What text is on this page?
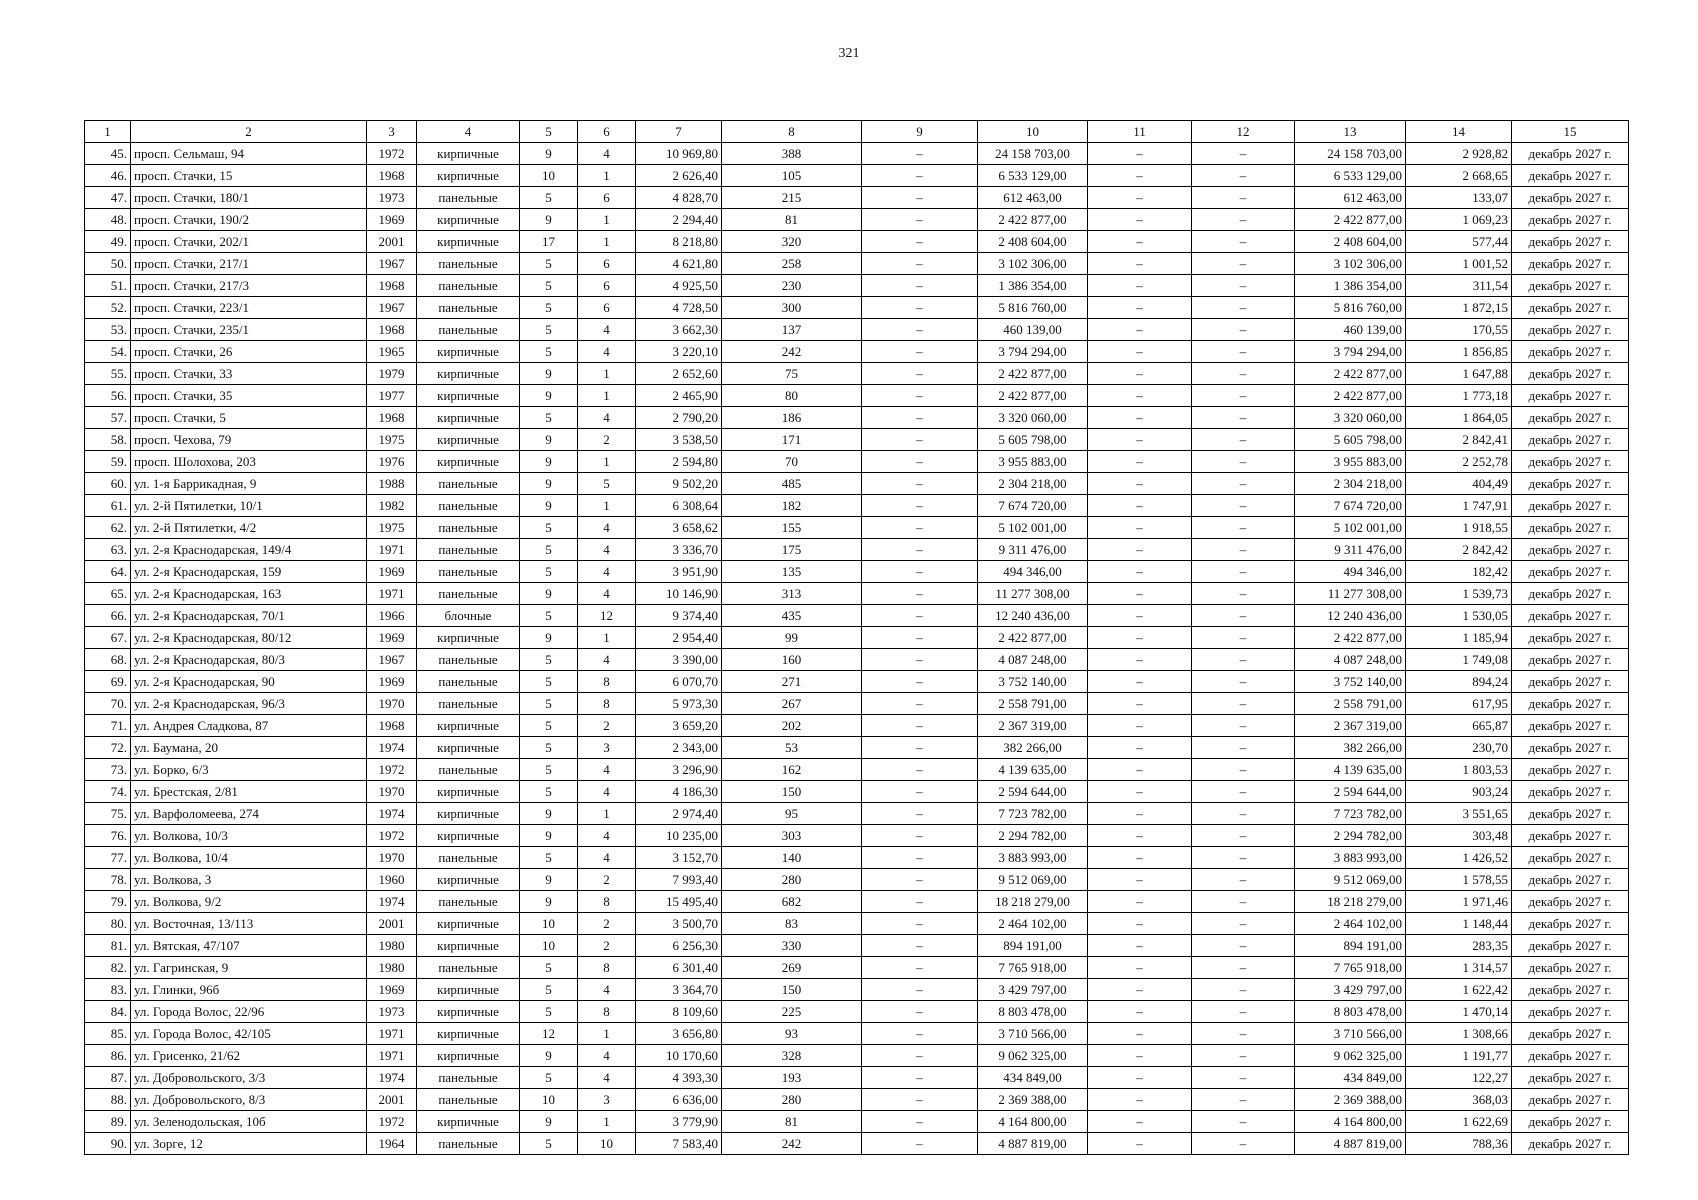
321
1	2	3	4	5	6	7	8	9	10	11	12	13	14	15
45.	просп. Сельмаш, 94	1972	кирпичные	9	4	10 969,80	388	–	24 158 703,00	–	–	24 158 703,00	2 928,82	декабрь 2027 г.
46.	просп. Стачки, 15	1968	кирпичные	10	1	2 626,40	105	–	6 533 129,00	–	–	6 533 129,00	2 668,65	декабрь 2027 г.
47.	просп. Стачки, 180/1	1973	панельные	5	6	4 828,70	215	–	612 463,00	–	–	612 463,00	133,07	декабрь 2027 г.
48.	просп. Стачки, 190/2	1969	кирпичные	9	1	2 294,40	81	–	2 422 877,00	–	–	2 422 877,00	1 069,23	декабрь 2027 г.
49.	просп. Стачки, 202/1	2001	кирпичные	17	1	8 218,80	320	–	2 408 604,00	–	–	2 408 604,00	577,44	декабрь 2027 г.
50.	просп. Стачки, 217/1	1967	панельные	5	6	4 621,80	258	–	3 102 306,00	–	–	3 102 306,00	1 001,52	декабрь 2027 г.
51.	просп. Стачки, 217/3	1968	панельные	5	6	4 925,50	230	–	1 386 354,00	–	–	1 386 354,00	311,54	декабрь 2027 г.
52.	просп. Стачки, 223/1	1967	панельные	5	6	4 728,50	300	–	5 816 760,00	–	–	5 816 760,00	1 872,15	декабрь 2027 г.
53.	просп. Стачки, 235/1	1968	панельные	5	4	3 662,30	137	–	460 139,00	–	–	460 139,00	170,55	декабрь 2027 г.
54.	просп. Стачки, 26	1965	кирпичные	5	4	3 220,10	242	–	3 794 294,00	–	–	3 794 294,00	1 856,85	декабрь 2027 г.
55.	просп. Стачки, 33	1979	кирпичные	9	1	2 652,60	75	–	2 422 877,00	–	–	2 422 877,00	1 647,88	декабрь 2027 г.
56.	просп. Стачки, 35	1977	кирпичные	9	1	2 465,90	80	–	2 422 877,00	–	–	2 422 877,00	1 773,18	декабрь 2027 г.
57.	просп. Стачки, 5	1968	кирпичные	5	4	2 790,20	186	–	3 320 060,00	–	–	3 320 060,00	1 864,05	декабрь 2027 г.
58.	просп. Чехова, 79	1975	кирпичные	9	2	3 538,50	171	–	5 605 798,00	–	–	5 605 798,00	2 842,41	декабрь 2027 г.
59.	просп. Шолохова, 203	1976	кирпичные	9	1	2 594,80	70	–	3 955 883,00	–	–	3 955 883,00	2 252,78	декабрь 2027 г.
60.	ул. 1-я Баррикадная, 9	1988	панельные	9	5	9 502,20	485	–	2 304 218,00	–	–	2 304 218,00	404,49	декабрь 2027 г.
61.	ул. 2-й Пятилетки, 10/1	1982	панельные	9	1	6 308,64	182	–	7 674 720,00	–	–	7 674 720,00	1 747,91	декабрь 2027 г.
62.	ул. 2-й Пятилетки, 4/2	1975	панельные	5	4	3 658,62	155	–	5 102 001,00	–	–	5 102 001,00	1 918,55	декабрь 2027 г.
63.	ул. 2-я Краснодарская, 149/4	1971	панельные	5	4	3 336,70	175	–	9 311 476,00	–	–	9 311 476,00	2 842,42	декабрь 2027 г.
64.	ул. 2-я Краснодарская, 159	1969	панельные	5	4	3 951,90	135	–	494 346,00	–	–	494 346,00	182,42	декабрь 2027 г.
65.	ул. 2-я Краснодарская, 163	1971	панельные	9	4	10 146,90	313	–	11 277 308,00	–	–	11 277 308,00	1 539,73	декабрь 2027 г.
66.	ул. 2-я Краснодарская, 70/1	1966	блочные	5	12	9 374,40	435	–	12 240 436,00	–	–	12 240 436,00	1 530,05	декабрь 2027 г.
67.	ул. 2-я Краснодарская, 80/12	1969	кирпичные	9	1	2 954,40	99	–	2 422 877,00	–	–	2 422 877,00	1 185,94	декабрь 2027 г.
68.	ул. 2-я Краснодарская, 80/3	1967	панельные	5	4	3 390,00	160	–	4 087 248,00	–	–	4 087 248,00	1 749,08	декабрь 2027 г.
69.	ул. 2-я Краснодарская, 90	1969	панельные	5	8	6 070,70	271	–	3 752 140,00	–	–	3 752 140,00	894,24	декабрь 2027 г.
70.	ул. 2-я Краснодарская, 96/3	1970	панельные	5	8	5 973,30	267	–	2 558 791,00	–	–	2 558 791,00	617,95	декабрь 2027 г.
71.	ул. Андрея Сладкова, 87	1968	кирпичные	5	2	3 659,20	202	–	2 367 319,00	–	–	2 367 319,00	665,87	декабрь 2027 г.
72.	ул. Баумана, 20	1974	кирпичные	5	3	2 343,00	53	–	382 266,00	–	–	382 266,00	230,70	декабрь 2027 г.
73.	ул. Борко, 6/3	1972	панельные	5	4	3 296,90	162	–	4 139 635,00	–	–	4 139 635,00	1 803,53	декабрь 2027 г.
74.	ул. Брестская, 2/81	1970	кирпичные	5	4	4 186,30	150	–	2 594 644,00	–	–	2 594 644,00	903,24	декабрь 2027 г.
75.	ул. Варфоломеева, 274	1974	кирпичные	9	1	2 974,40	95	–	7 723 782,00	–	–	7 723 782,00	3 551,65	декабрь 2027 г.
76.	ул. Волкова, 10/3	1972	кирпичные	9	4	10 235,00	303	–	2 294 782,00	–	–	2 294 782,00	303,48	декабрь 2027 г.
77.	ул. Волкова, 10/4	1970	панельные	5	4	3 152,70	140	–	3 883 993,00	–	–	3 883 993,00	1 426,52	декабрь 2027 г.
78.	ул. Волкова, 3	1960	кирпичные	9	2	7 993,40	280	–	9 512 069,00	–	–	9 512 069,00	1 578,55	декабрь 2027 г.
79.	ул. Волкова, 9/2	1974	панельные	9	8	15 495,40	682	–	18 218 279,00	–	–	18 218 279,00	1 971,46	декабрь 2027 г.
80.	ул. Восточная, 13/113	2001	кирпичные	10	2	3 500,70	83	–	2 464 102,00	–	–	2 464 102,00	1 148,44	декабрь 2027 г.
81.	ул. Вятская, 47/107	1980	кирпичные	10	2	6 256,30	330	–	894 191,00	–	–	894 191,00	283,35	декабрь 2027 г.
82.	ул. Гагринская, 9	1980	панельные	5	8	6 301,40	269	–	7 765 918,00	–	–	7 765 918,00	1 314,57	декабрь 2027 г.
83.	ул. Глинки, 96б	1969	кирпичные	5	4	3 364,70	150	–	3 429 797,00	–	–	3 429 797,00	1 622,42	декабрь 2027 г.
84.	ул. Города Волос, 22/96	1973	кирпичные	5	8	8 109,60	225	–	8 803 478,00	–	–	8 803 478,00	1 470,14	декабрь 2027 г.
85.	ул. Города Волос, 42/105	1971	кирпичные	12	1	3 656,80	93	–	3 710 566,00	–	–	3 710 566,00	1 308,66	декабрь 2027 г.
86.	ул. Грисенко, 21/62	1971	кирпичные	9	4	10 170,60	328	–	9 062 325,00	–	–	9 062 325,00	1 191,77	декабрь 2027 г.
87.	ул. Добровольского, 3/3	1974	панельные	5	4	4 393,30	193	–	434 849,00	–	–	434 849,00	122,27	декабрь 2027 г.
88.	ул. Добровольского, 8/3	2001	панельные	10	3	6 636,00	280	–	2 369 388,00	–	–	2 369 388,00	368,03	декабрь 2027 г.
89.	ул. Зеленодольская, 10б	1972	кирпичные	9	1	3 779,90	81	–	4 164 800,00	–	–	4 164 800,00	1 622,69	декабрь 2027 г.
90.	ул. Зорге, 12	1964	панельные	5	10	7 583,40	242	–	4 887 819,00	–	–	4 887 819,00	788,36	декабрь 2027 г.
